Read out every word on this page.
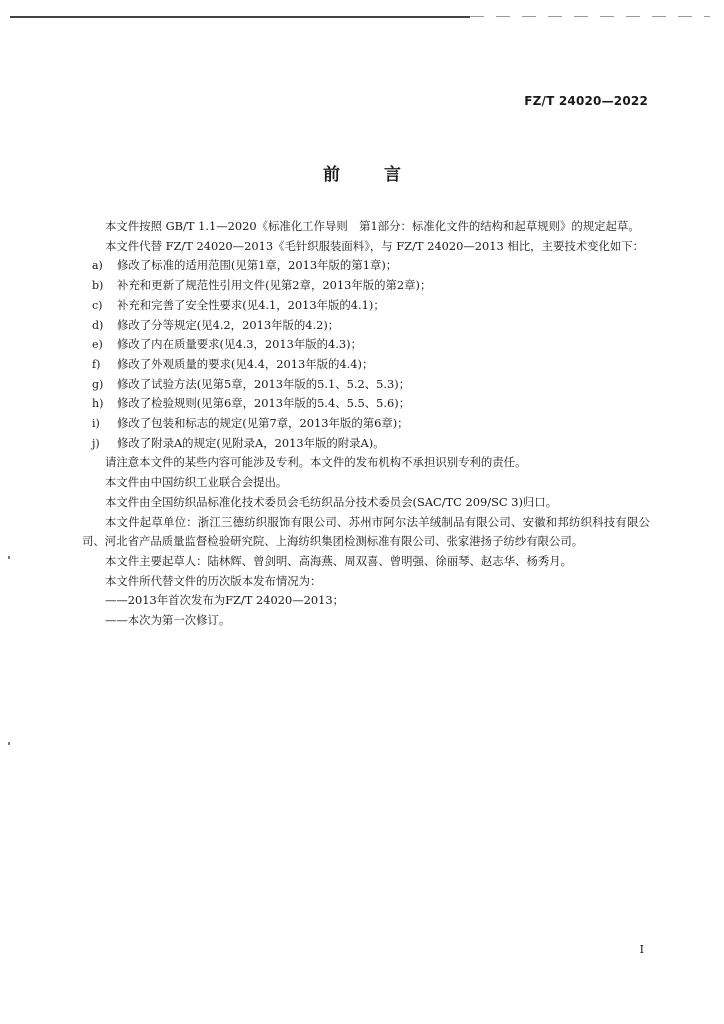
FZ/T 24020—2022
前言

本文件按照 GB/T 1.1—2020《标准化工作导则　第1部分：标准化文件的结构和起草规则》的规定起草。

本文件代替 FZ/T 24020—2013《毛针织服装面料》，与 FZ/T 24020—2013 相比，主要技术变化如下：

a)	修改了标准的适用范围(见第1章，2013年版的第1章)；
b)	补充和更新了规范性引用文件(见第2章，2013年版的第2章)；
c)	补充和完善了安全性要求(见4.1，2013年版的4.1)；
d)	修改了分等规定(见4.2，2013年版的4.2)；
e)	修改了内在质量要求(见4.3，2013年版的4.3)；
f)	修改了外观质量的要求(见4.4，2013年版的4.4)；
g)	修改了试验方法(见第5章，2013年版的5.1、5.2、5.3)；
h)	修改了检验规则(见第6章，2013年版的5.4、5.5、5.6)；
i)	修改了包装和标志的规定(见第7章，2013年版的第6章)；
j)	修改了附录A的规定(见附录A，2013年版的附录A)。

请注意本文件的某些内容可能涉及专利。本文件的发布机构不承担识别专利的责任。

本文件由中国纺织工业联合会提出。

本文件由全国纺织品标准化技术委员会毛纺织品分技术委员会(SAC/TC 209/SC 3)归口。

本文件起草单位：浙江三德纺织服饰有限公司、苏州市阿尔法羊绒制品有限公司、安徽和邦纺织科技有限公司、河北省产品质量监督检验研究院、上海纺织集团检测标准有限公司、张家港扬子纺纱有限公司。

本文件主要起草人：陆林辉、曾剑明、高海燕、周双喜、曾明强、徐丽琴、赵志华、杨秀月。

本文件所代替文件的历次版本发布情况为：

——2013年首次发布为FZ/T 24020—2013；

——本次为第一次修订。

I
